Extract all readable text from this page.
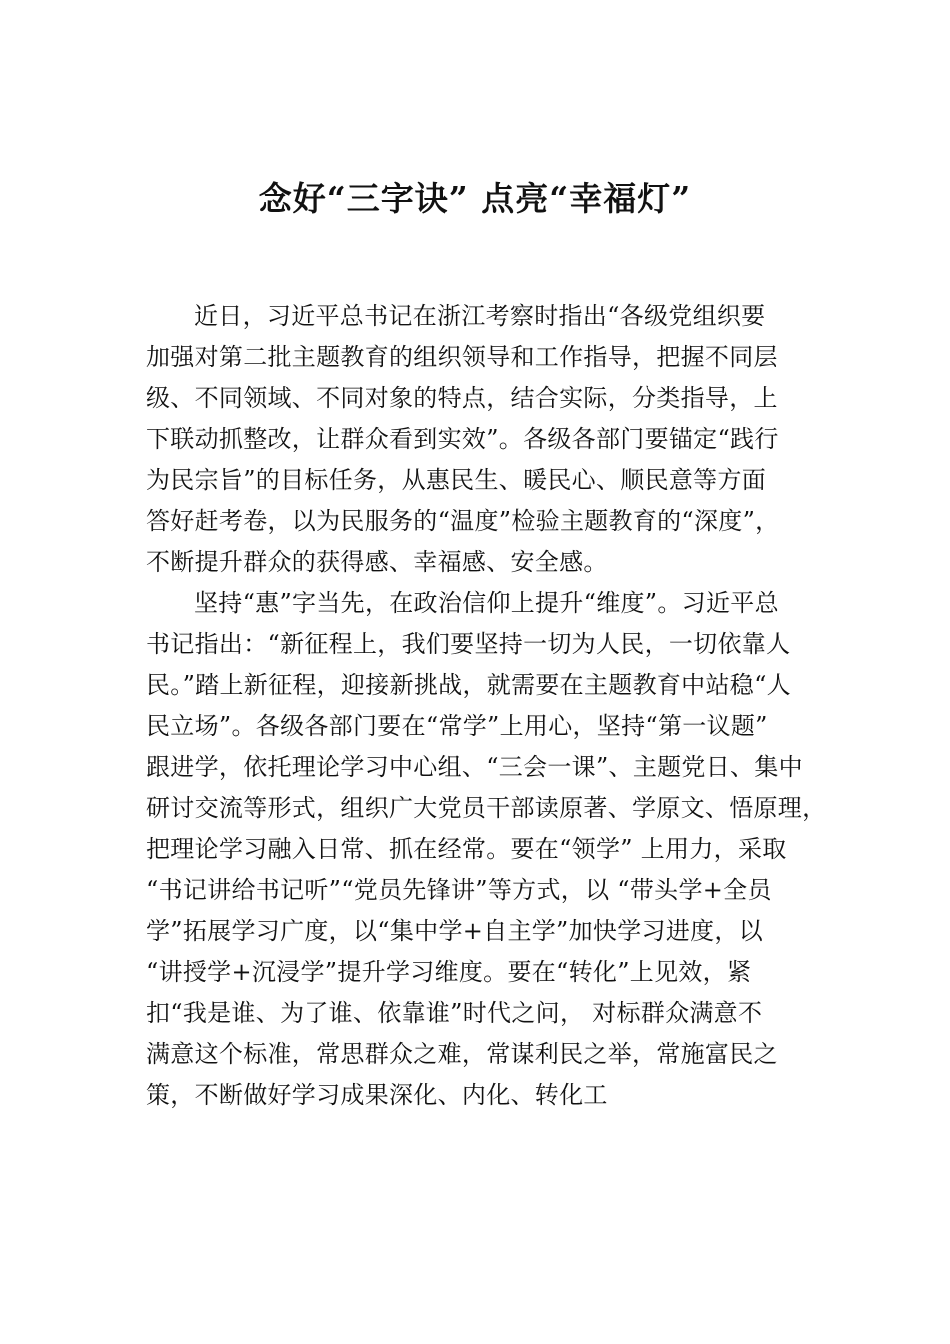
念好“三字诀” 点亮“幸福灯”
近日，习近平总书记在浙江考察时指出“各级党组织要
加强对第二批主题教育的组织领导和工作指导，把握不同层
级、不同领域、不同对象的特点，结合实际，分类指导，上
下联动抓整改，让群众看到实效”。各级各部门要锚定“践行
为民宗旨”的目标任务，从惠民生、暖民心、顺民意等方面
答好赶考卷，以为民服务的“温度”检验主题教育的“深度”，
不断提升群众的获得感、幸福感、安全感。
坚持“惠”字当先，在政治信仰上提升“维度”。习近平总
书记指出：“新征程上，我们要坚持一切为人民，一切依靠人
民。”踏上新征程，迎接新挑战，就需要在主题教育中站稳“人
民立场”。各级各部门要在“常学”上用心，坚持“第一议题”
跟进学，依托理论学习中心组、“三会一课”、主题党日、集中
研讨交流等形式，组织广大党员干部读原著、学原文、悟原理，
把理论学习融入日常、抓在经常。要在“领学” 上用力，采取
“书记讲给书记听”“党员先锋讲”等方式，以 “带头学+全员
学”拓展学习广度，以“集中学+自主学”加快学习进度，以
“讲授学+沉浸学”提升学习维度。要在“转化”上见效，紧
扣“我是谁、为了谁、依靠谁”时代之问， 对标群众满意不
满意这个标准，常思群众之难，常谋利民之举，常施富民之
策，不断做好学习成果深化、内化、转化工
